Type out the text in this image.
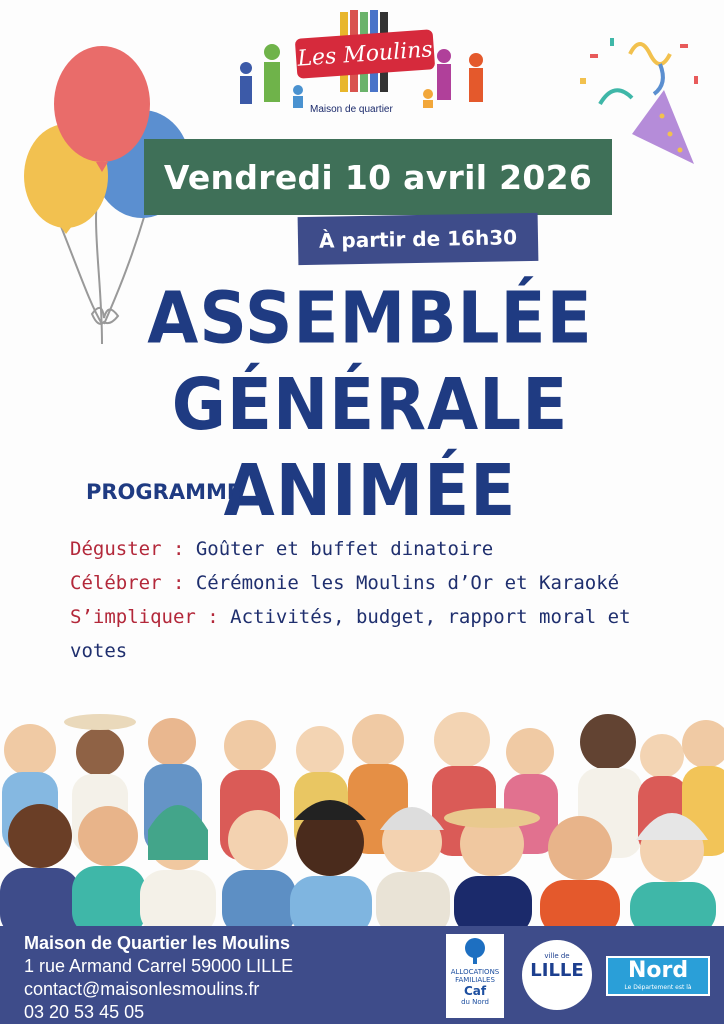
Les Moulins
Maison de quartier
Vendredi 10 avril 2026
À partir de 16h30
ASSEMBLÉE
GÉNÉRALE ANIMÉE
PROGRAMME
Déguster : Goûter et buffet dinatoire
Célébrer : Cérémonie les Moulins d’Or et Karaoké
S’impliquer : Activités, budget, rapport moral et votes
Maison de Quartier les Moulins
1 rue Armand Carrel 59000 LILLE
contact@maisonlesmoulins.fr
03 20 53 45 05
ALLOCATIONS
FAMILIALES
Caf
du Nord
ville de
LILLE	Nord
Le Département est là
